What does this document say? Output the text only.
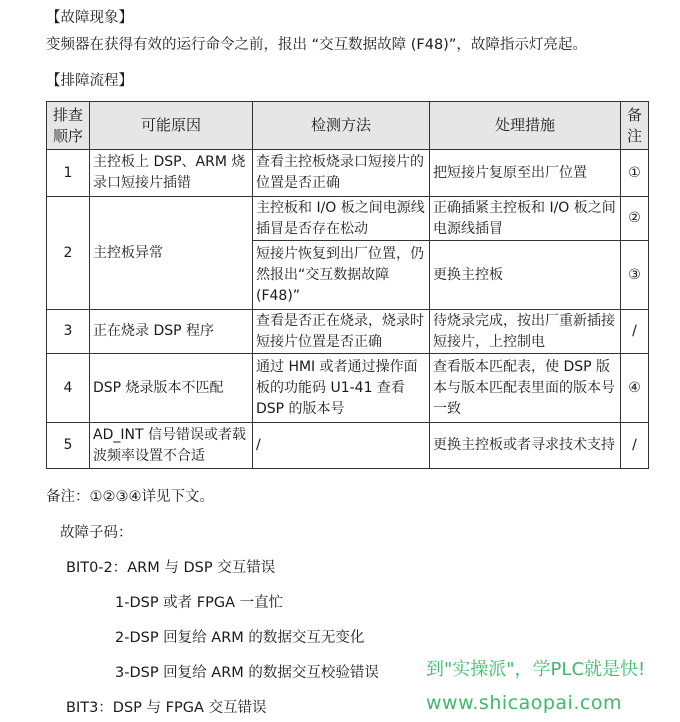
【故障现象】
变频器在获得有效的运行命令之前，报出 “交互数据故障 (F48)”，故障指示灯亮起。
【排障流程】
排查顺序	可能原因	检测方法	处理措施	备注
1	主控板上 DSP、ARM 烧录口短接片插错	查看主控板烧录口短接片的位置是否正确	把短接片复原至出厂位置	①
2	主控板异常	主控板和 I/O 板之间电源线插冒是否存在松动	正确插紧主控板和 I/O 板之间电源线插冒	②
		短接片恢复到出厂位置，仍然报出“交互数据故障 (F48)”	更换主控板	③
3	正在烧录 DSP 程序	查看是否正在烧录，烧录时短接片位置是否正确	待烧录完成，按出厂重新插接短接片，上控制电	/
4	DSP 烧录版本不匹配	通过 HMI 或者通过操作面板的功能码 U1-41 查看 DSP 的版本号	查看版本匹配表，使 DSP 版本与版本匹配表里面的版本号一致	④
5	AD_INT 信号错误或者载波频率设置不合适	/	更换主控板或者寻求技术支持	/
备注：①②③④详见下文。
故障子码：
BIT0-2：ARM 与 DSP 交互错误
1-DSP 或者 FPGA 一直忙
2-DSP 回复给 ARM 的数据交互无变化
3-DSP 回复给 ARM 的数据交互校验错误
BIT3：DSP 与 FPGA 交互错误
到"实操派"，学PLC就是快!
www.shicaopai.com
